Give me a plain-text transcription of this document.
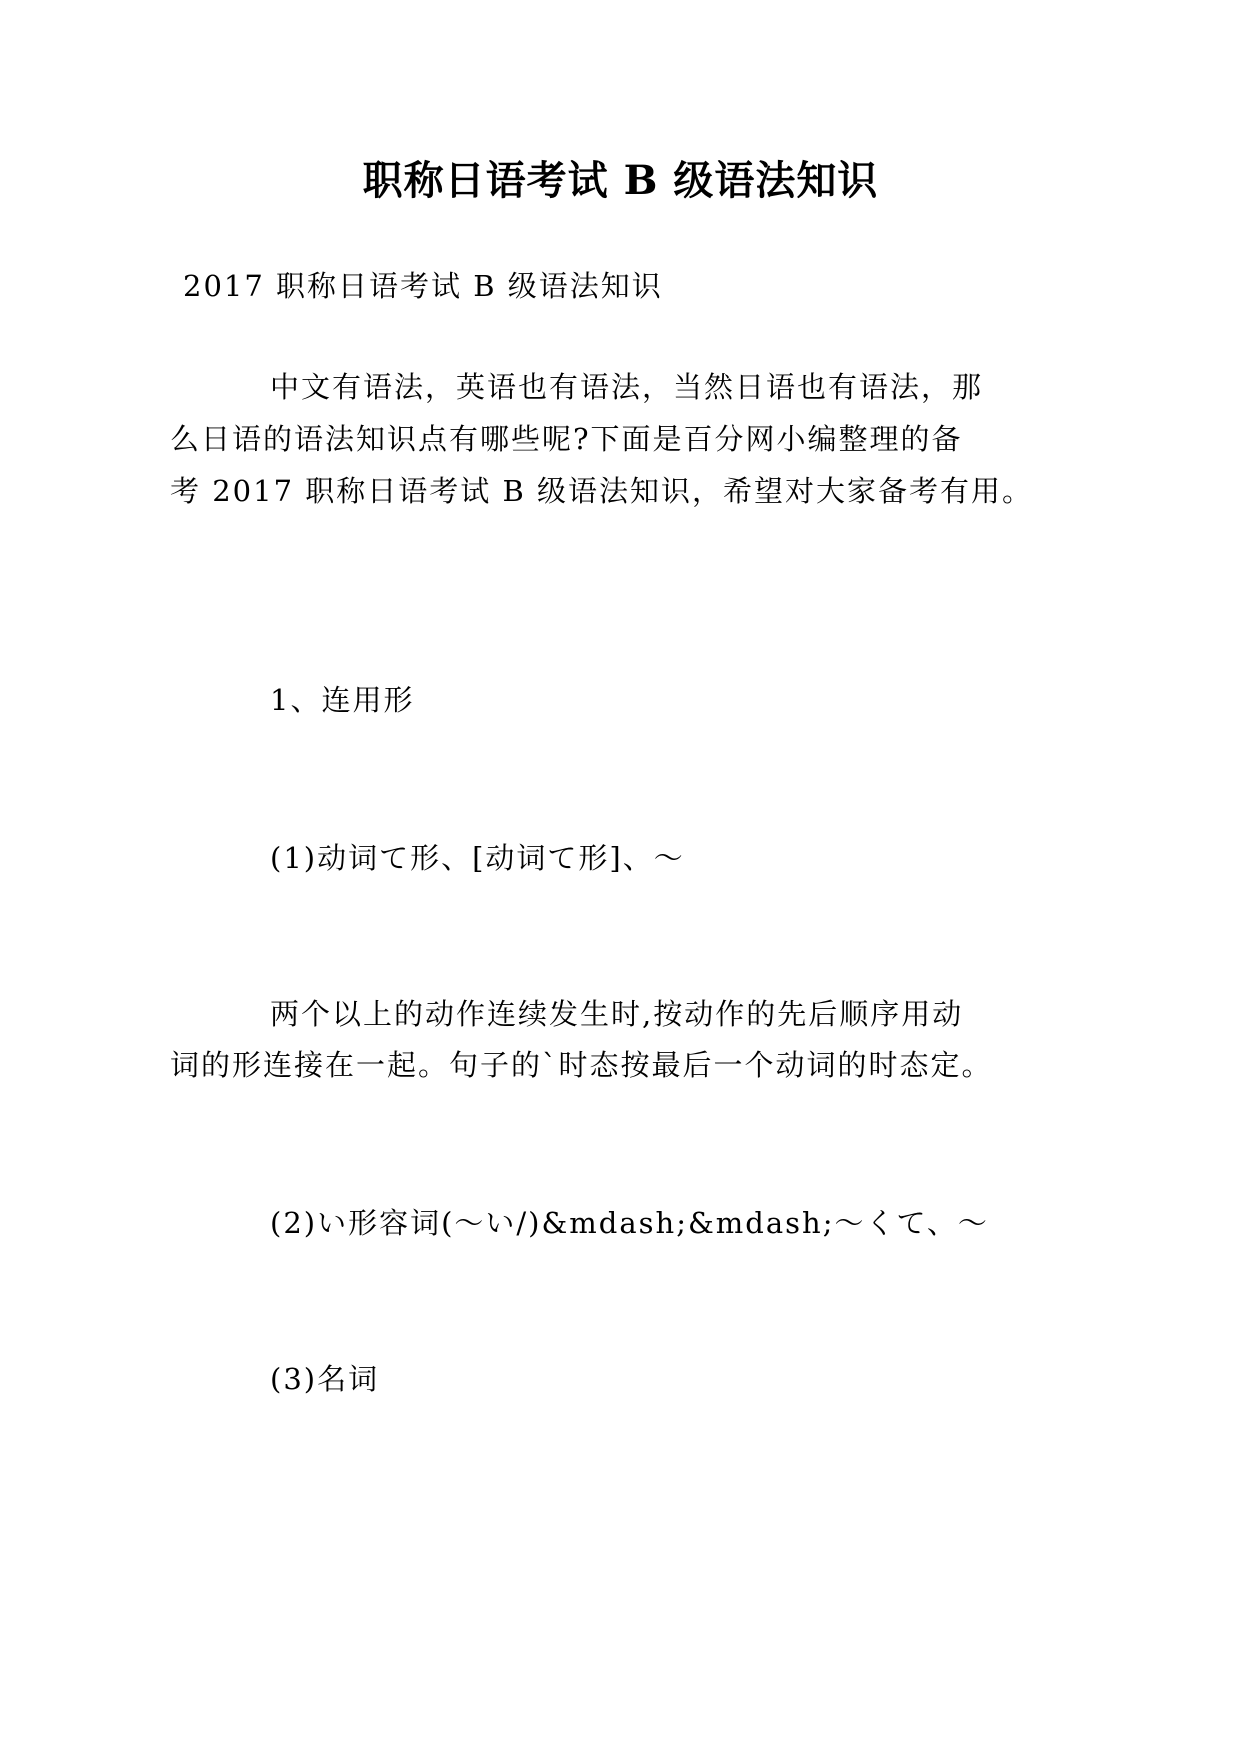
职称日语考试 B 级语法知识
2017 职称日语考试 B 级语法知识
中文有语法，英语也有语法，当然日语也有语法，那
么日语的语法知识点有哪些呢?下面是百分网小编整理的备
考 2017 职称日语考试 B 级语法知识，希望对大家备考有用。
1、连用形
(1)动词て形、[动词て形]、～
两个以上的动作连续发生时,按动作的先后顺序用动
词的形连接在一起。句子的`时态按最后一个动词的时态定。
(2)い形容词(～い/)&mdash;&mdash;～くて、～
(3)名词
